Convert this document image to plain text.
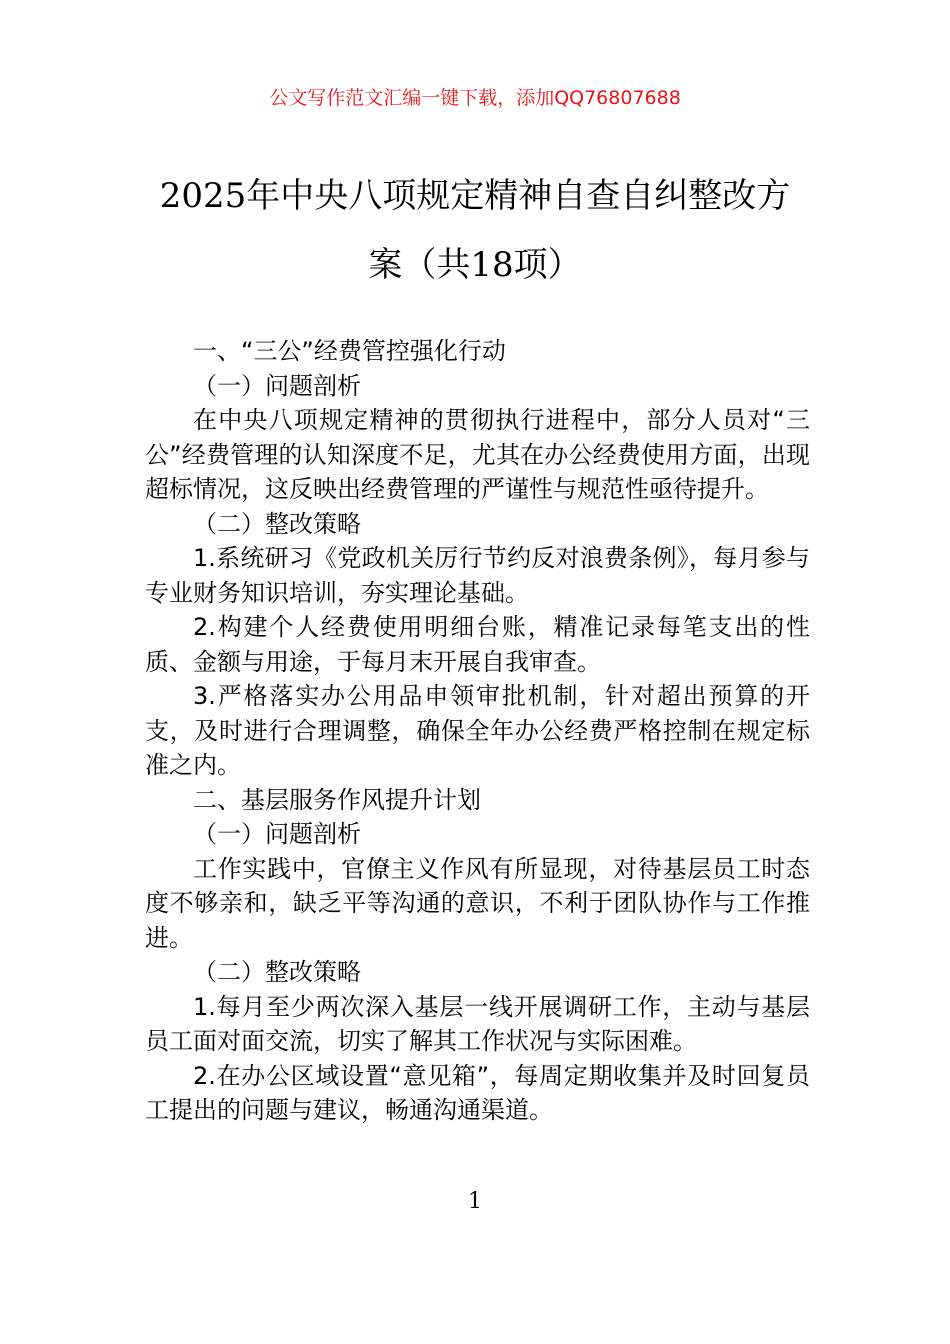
公文写作范文汇编一键下载，添加QQ76807688
2025年中央八项规定精神自查自纠整改方
案（共18项）

一、“三公”经费管控强化行动

（一）问题剖析

在中央八项规定精神的贯彻执行进程中，部分人员对“三公”经费管理的认知深度不足，尤其在办公经费使用方面，出现超标情况，这反映出经费管理的严谨性与规范性亟待提升。

（二）整改策略

1.系统研习《党政机关厉行节约反对浪费条例》，每月参与专业财务知识培训，夯实理论基础。

2.构建个人经费使用明细台账，精准记录每笔支出的性质、金额与用途，于每月末开展自我审查。

3.严格落实办公用品申领审批机制，针对超出预算的开支，及时进行合理调整，确保全年办公经费严格控制在规定标准之内。

二、基层服务作风提升计划

（一）问题剖析

工作实践中，官僚主义作风有所显现，对待基层员工时态度不够亲和，缺乏平等沟通的意识，不利于团队协作与工作推进。

（二）整改策略

1.每月至少两次深入基层一线开展调研工作，主动与基层员工面对面交流，切实了解其工作状况与实际困难。

2.在办公区域设置“意见箱”，每周定期收集并及时回复员工提出的问题与建议，畅通沟通渠道。

1
